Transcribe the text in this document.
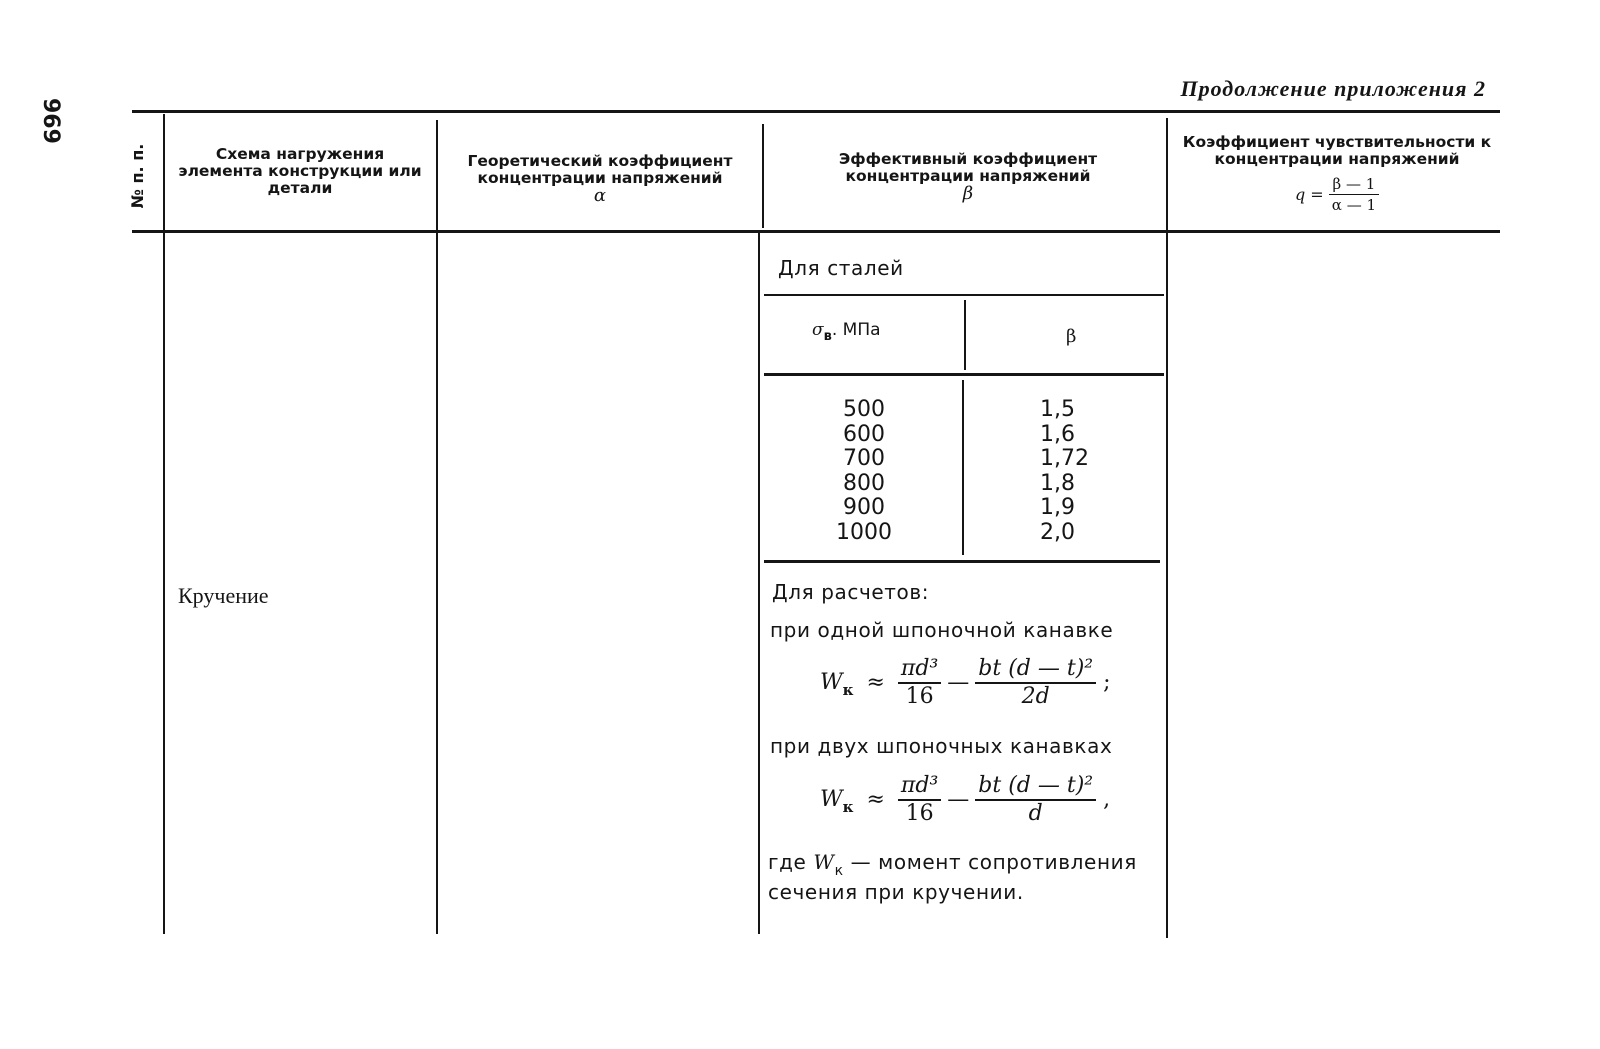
969
Продолжение приложения 2
№ п. п.	Схема нагружения элемента конструкции или детали
Георетический коэффициент концентрации напряжений
α
Эффективный коэффициент концентрации напряжений
β
Коэффициент чувствительности к концентрации напряжений
$q = \frac{\beta — 1}{\alpha — 1}$
Кручение
Для сталей
$\sigma_в$. МПа	β
500
600
700
800
900
1000
1,5
1,6
1,72
1,8
1,9
2,0
Для расчетов:
при одной шпоночной канавке
$W_к \approx \frac{\text{πd³}}{16}$ — $\frac{\text{bt (d — t)²}}{2d}$ ;
при двух шпоночных канавках
$W_к \approx \frac{\text{πd³}}{16}$ — $\frac{\text{bt (d — t)²}}{d}$ ,
где $W_к$ — момент сопротивления
сечения при кручении.
